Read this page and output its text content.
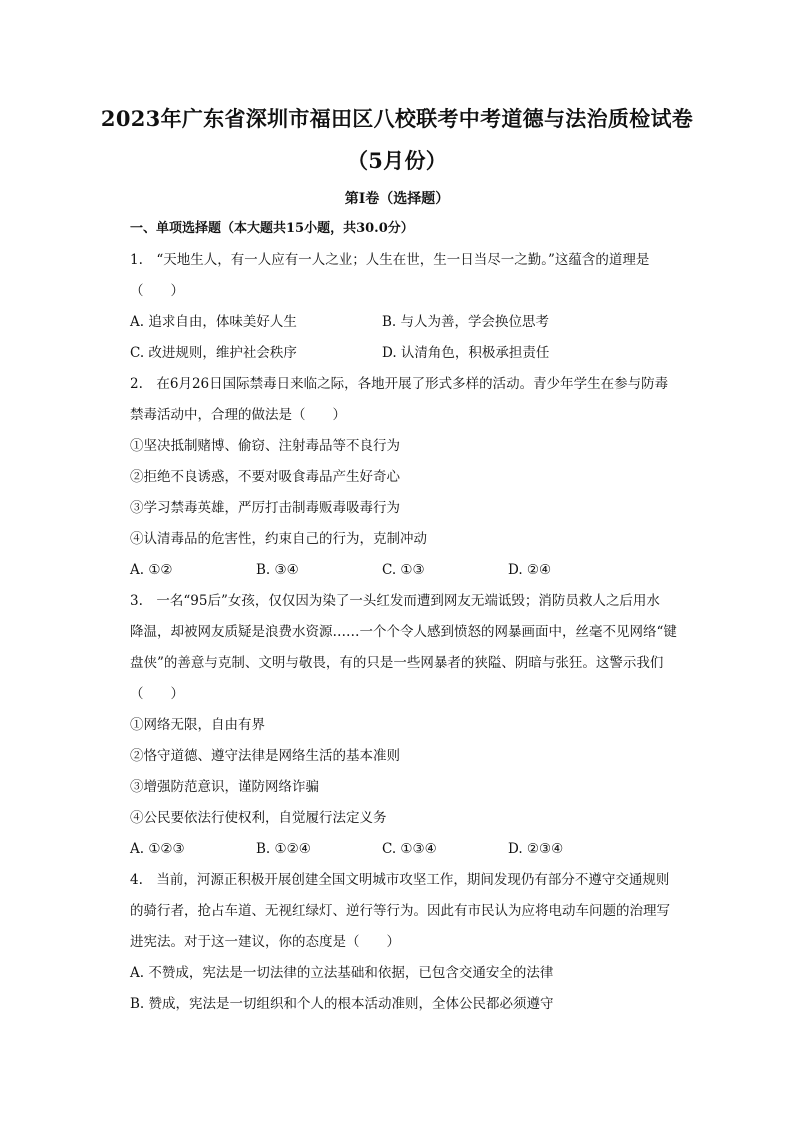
2023年广东省深圳市福田区八校联考中考道德与法治质检试卷
（5月份）
第Ⅰ卷（选择题）
一、单项选择题（本大题共15小题，共30.0分）
1.　“天地生人，有一人应有一人之业；人生在世，生一日当尽一之勤。”这蕴含的道理是
（　　）
A. 追求自由，体味美好人生	B. 与人为善，学会换位思考
C. 改进规则，维护社会秩序	D. 认清角色，积极承担责任
2.　在6月26日国际禁毒日来临之际，各地开展了形式多样的活动。青少年学生在参与防毒
禁毒活动中，合理的做法是（　　）
①坚决抵制赌博、偷窃、注射毒品等不良行为
②拒绝不良诱惑，不要对吸食毒品产生好奇心
③学习禁毒英雄，严厉打击制毒贩毒吸毒行为
④认清毒品的危害性，约束自己的行为，克制冲动
A. ①②	B. ③④	C. ①③	D. ②④
3.　一名“95后”女孩，仅仅因为染了一头红发而遭到网友无端诋毁；消防员救人之后用水
降温，却被网友质疑是浪费水资源……一个个令人感到愤怒的网暴画面中，丝毫不见网络“键
盘侠”的善意与克制、文明与敬畏，有的只是一些网暴者的狭隘、阴暗与张狂。这警示我们
（　　）
①网络无限，自由有界
②恪守道德、遵守法律是网络生活的基本准则
③增强防范意识，谨防网络诈骗
④公民要依法行使权利，自觉履行法定义务
A. ①②③	B. ①②④	C. ①③④	D. ②③④
4.　当前，河源正积极开展创建全国文明城市攻坚工作，期间发现仍有部分不遵守交通规则
的骑行者，抢占车道、无视红绿灯、逆行等行为。因此有市民认为应将电动车问题的治理写
进宪法。对于这一建议，你的态度是（　　）
A. 不赞成，宪法是一切法律的立法基础和依据，已包含交通安全的法律
B. 赞成，宪法是一切组织和个人的根本活动准则，全体公民都必须遵守
